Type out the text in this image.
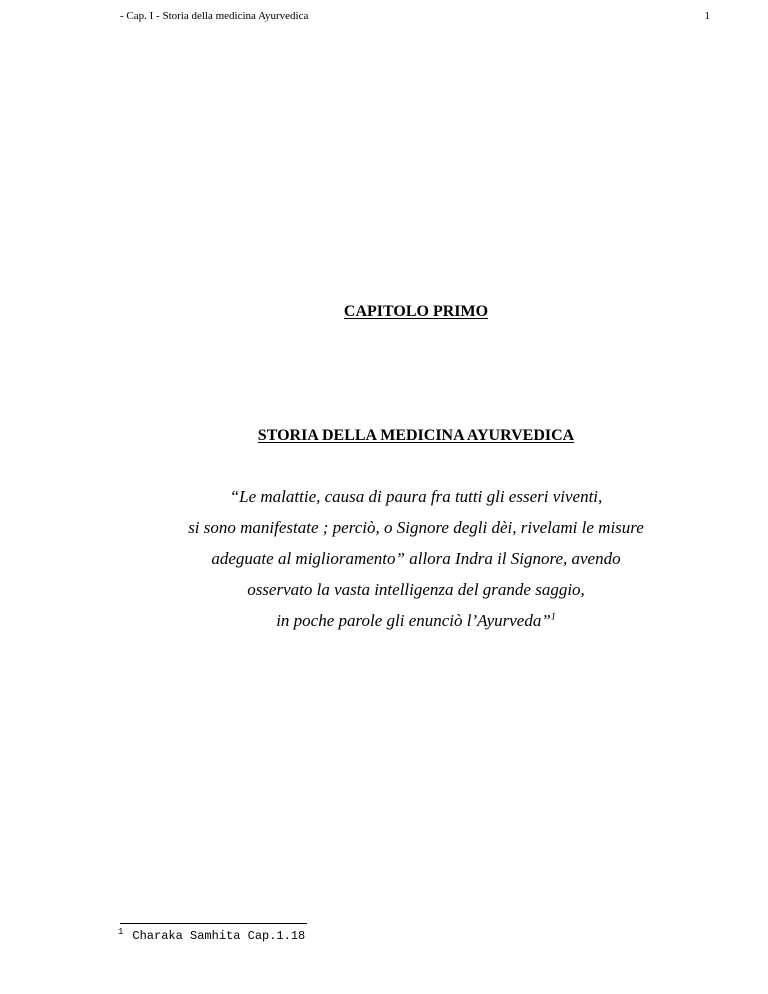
- Cap. I - Storia della medicina Ayurvedica	1
CAPITOLO PRIMO
STORIA DELLA MEDICINA AYURVEDICA
“Le malattie, causa di paura fra tutti gli esseri viventi,
si sono manifestate ; perciò, o Signore degli dèi, rivelami le misure
adeguate al miglioramento” allora Indra il Signore, avendo
osservato la vasta intelligenza del grande saggio,
in poche parole gli enunciò l’Ayurveda”$^1$
$^1$ Charaka Samhita Cap.1.18
